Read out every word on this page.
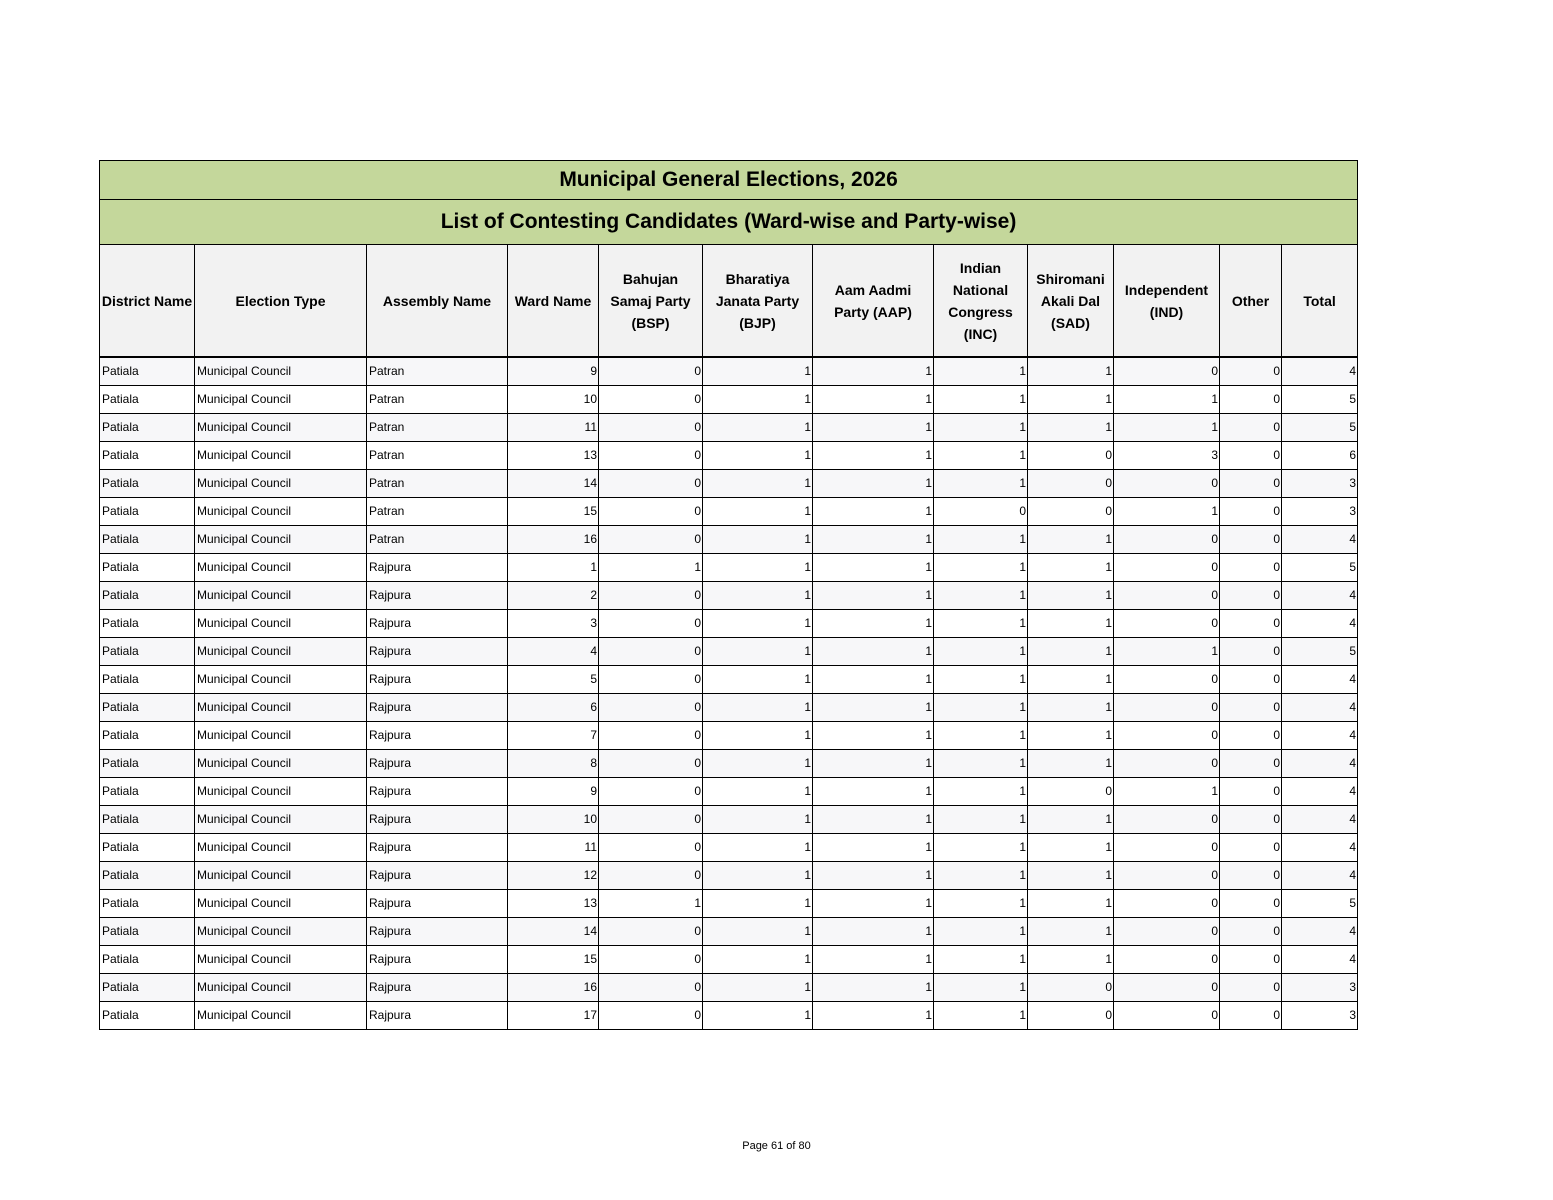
Municipal General Elections, 2026											
List of Contesting Candidates (Ward-wise and Party-wise)											
District Name	Election Type	Assembly Name	Ward Name	Bahujan Samaj Party (BSP)	Bharatiya Janata Party (BJP)	Aam Aadmi Party (AAP)	Indian National Congress (INC)	Shiromani Akali Dal (SAD)	Independent (IND)	Other	Total
Patiala	Municipal Council	Patran	9	0	1	1	1	1	0	0	4
Patiala	Municipal Council	Patran	10	0	1	1	1	1	1	0	5
Patiala	Municipal Council	Patran	11	0	1	1	1	1	1	0	5
Patiala	Municipal Council	Patran	13	0	1	1	1	0	3	0	6
Patiala	Municipal Council	Patran	14	0	1	1	1	0	0	0	3
Patiala	Municipal Council	Patran	15	0	1	1	0	0	1	0	3
Patiala	Municipal Council	Patran	16	0	1	1	1	1	0	0	4
Patiala	Municipal Council	Rajpura	1	1	1	1	1	1	0	0	5
Patiala	Municipal Council	Rajpura	2	0	1	1	1	1	0	0	4
Patiala	Municipal Council	Rajpura	3	0	1	1	1	1	0	0	4
Patiala	Municipal Council	Rajpura	4	0	1	1	1	1	1	0	5
Patiala	Municipal Council	Rajpura	5	0	1	1	1	1	0	0	4
Patiala	Municipal Council	Rajpura	6	0	1	1	1	1	0	0	4
Patiala	Municipal Council	Rajpura	7	0	1	1	1	1	0	0	4
Patiala	Municipal Council	Rajpura	8	0	1	1	1	1	0	0	4
Patiala	Municipal Council	Rajpura	9	0	1	1	1	0	1	0	4
Patiala	Municipal Council	Rajpura	10	0	1	1	1	1	0	0	4
Patiala	Municipal Council	Rajpura	11	0	1	1	1	1	0	0	4
Patiala	Municipal Council	Rajpura	12	0	1	1	1	1	0	0	4
Patiala	Municipal Council	Rajpura	13	1	1	1	1	1	0	0	5
Patiala	Municipal Council	Rajpura	14	0	1	1	1	1	0	0	4
Patiala	Municipal Council	Rajpura	15	0	1	1	1	1	0	0	4
Patiala	Municipal Council	Rajpura	16	0	1	1	1	0	0	0	3
Patiala	Municipal Council	Rajpura	17	0	1	1	1	0	0	0	3
Page 61 of 80
